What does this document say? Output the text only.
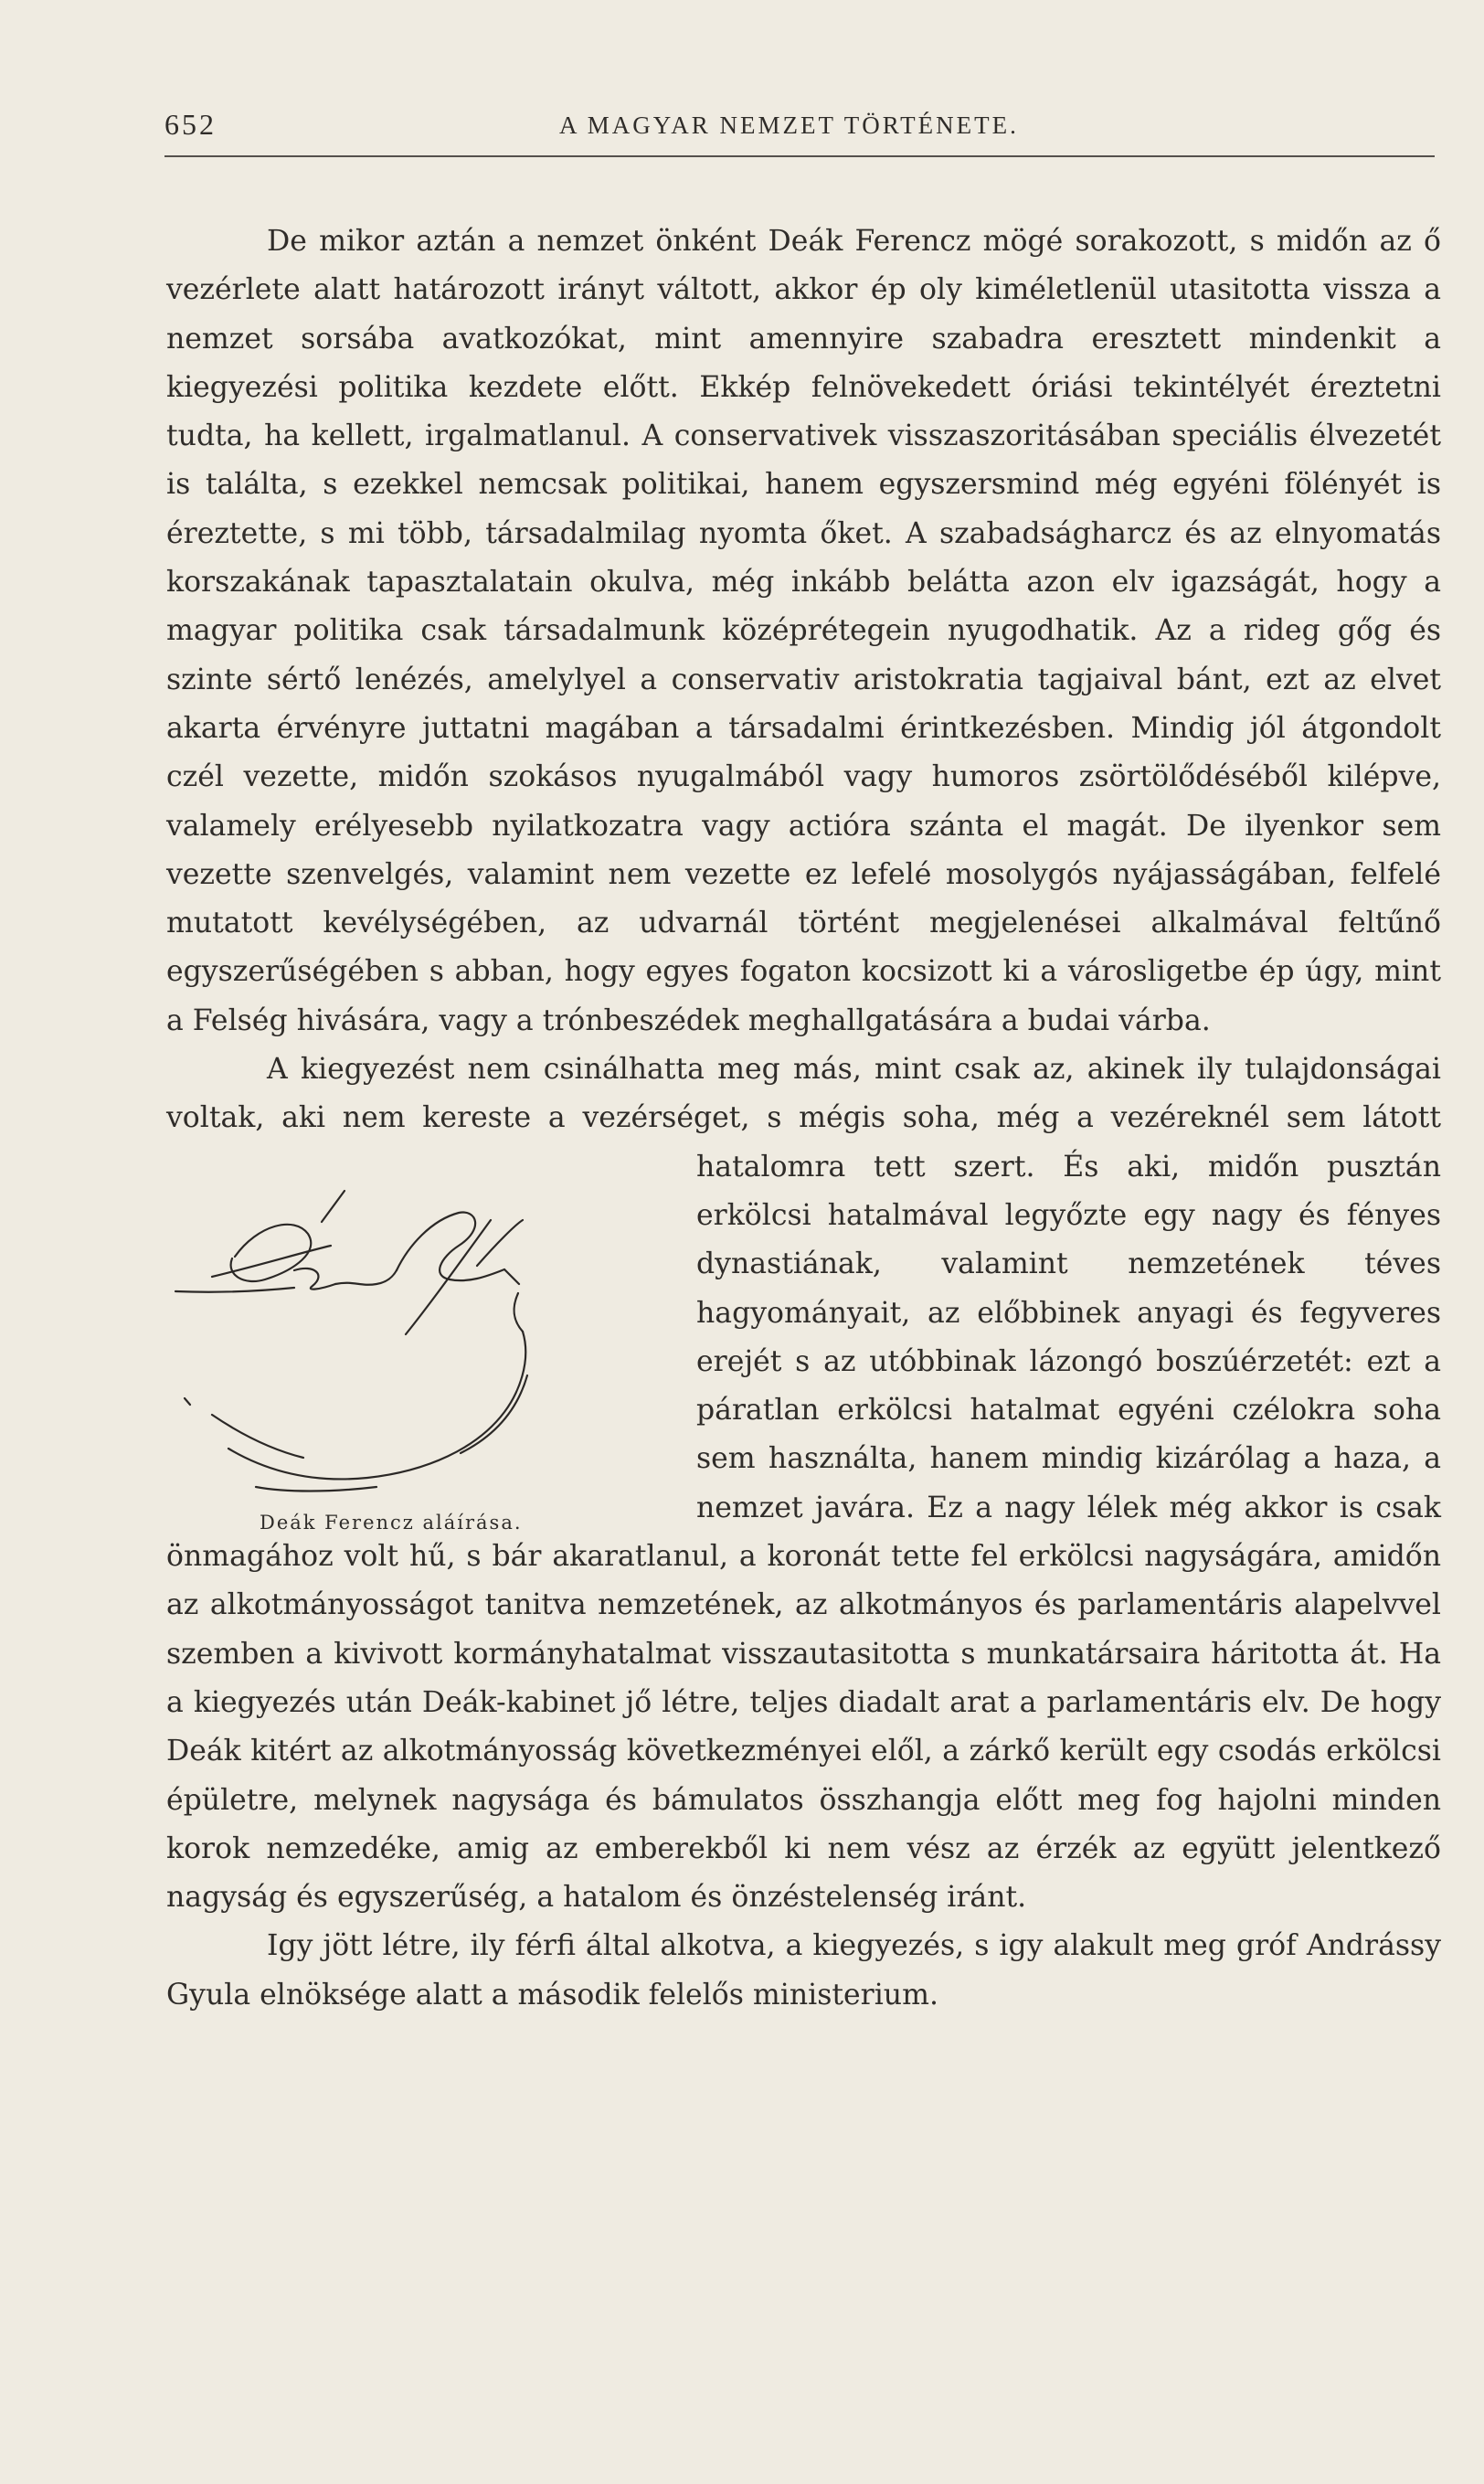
652	A MAGYAR NEMZET TÖRTÉNETE.
Deák Ferencz aláírása.

De mikor aztán a nemzet önként Deák Ferencz mögé sorakozott, s midőn az ő vezérlete alatt határozott irányt váltott, akkor ép oly kiméletlenül utasitotta vissza a nemzet sorsába avatkozókat, mint amennyire szabadra eresztett mindenkit a kiegyezési politika kezdete előtt. Ekkép felnövekedett óriási tekintélyét éreztetni tudta, ha kellett, irgalmatlanul. A conservativek visszaszoritásában speciális élvezetét is találta, s ezekkel nemcsak politikai, hanem egyszersmind még egyéni fölényét is éreztette, s mi több, társadalmilag nyomta őket. A szabadságharcz és az elnyomatás korszakának tapasztalatain okulva, még inkább belátta azon elv igazságát, hogy a magyar politika csak társadalmunk középrétegein nyugodhatik. Az a rideg gőg és szinte sértő lenézés, amelylyel a conservativ aristokratia tagjaival bánt, ezt az elvet akarta érvényre juttatni magában a társadalmi érintkezésben. Mindig jól átgondolt czél vezette, midőn szokásos nyugalmából vagy humoros zsörtölődéséből kilépve, valamely erélyesebb nyilatkozatra vagy actióra szánta el magát. De ilyenkor sem vezette szenvelgés, valamint nem vezette ez lefelé mosolygós nyájasságában, felfelé mutatott kevélységében, az udvarnál történt megjelenései alkalmával feltűnő egyszerűségében s abban, hogy egyes fogaton kocsizott ki a városligetbe ép úgy, mint a Felség hivására, vagy a trónbeszédek meghallgatására a budai várba.

A kiegyezést nem csinálhatta meg más, mint csak az, akinek ily tulajdonságai voltak, aki nem kereste a vezérséget, s mégis soha, még a vezéreknél sem látott hatalomra tett szert. És aki, midőn pusztán erkölcsi hatalmával legyőzte egy nagy és fényes dynastiának, valamint nemzetének téves hagyományait, az előbbinek anyagi és fegyveres erejét s az utóbbinak lázongó boszúérzetét: ezt a páratlan erkölcsi hatalmat egyéni czélokra soha sem használta, hanem mindig kizárólag a haza, a nemzet javára. Ez a nagy lélek még akkor is csak önmagához volt hű, s bár akaratlanul, a koronát tette fel erkölcsi nagyságára, amidőn az alkotmányosságot tanitva nemzetének, az alkotmányos és parlamentáris alapelvvel szemben a kivivott kormányhatalmat visszautasitotta s munkatársaira háritotta át. Ha a kiegyezés után Deák-kabinet jő létre, teljes diadalt arat a parlamentáris elv. De hogy Deák kitért az alkotmányosság következményei elől, a zárkő került egy csodás erkölcsi épületre, melynek nagysága és bámulatos összhangja előtt meg fog hajolni minden korok nemzedéke, amig az emberekből ki nem vész az érzék az együtt jelentkező nagyság és egyszerűség, a hatalom és önzéstelenség iránt.

Igy jött létre, ily férfi által alkotva, a kiegyezés, s igy alakult meg gróf Andrássy Gyula elnöksége alatt a második felelős ministerium.
